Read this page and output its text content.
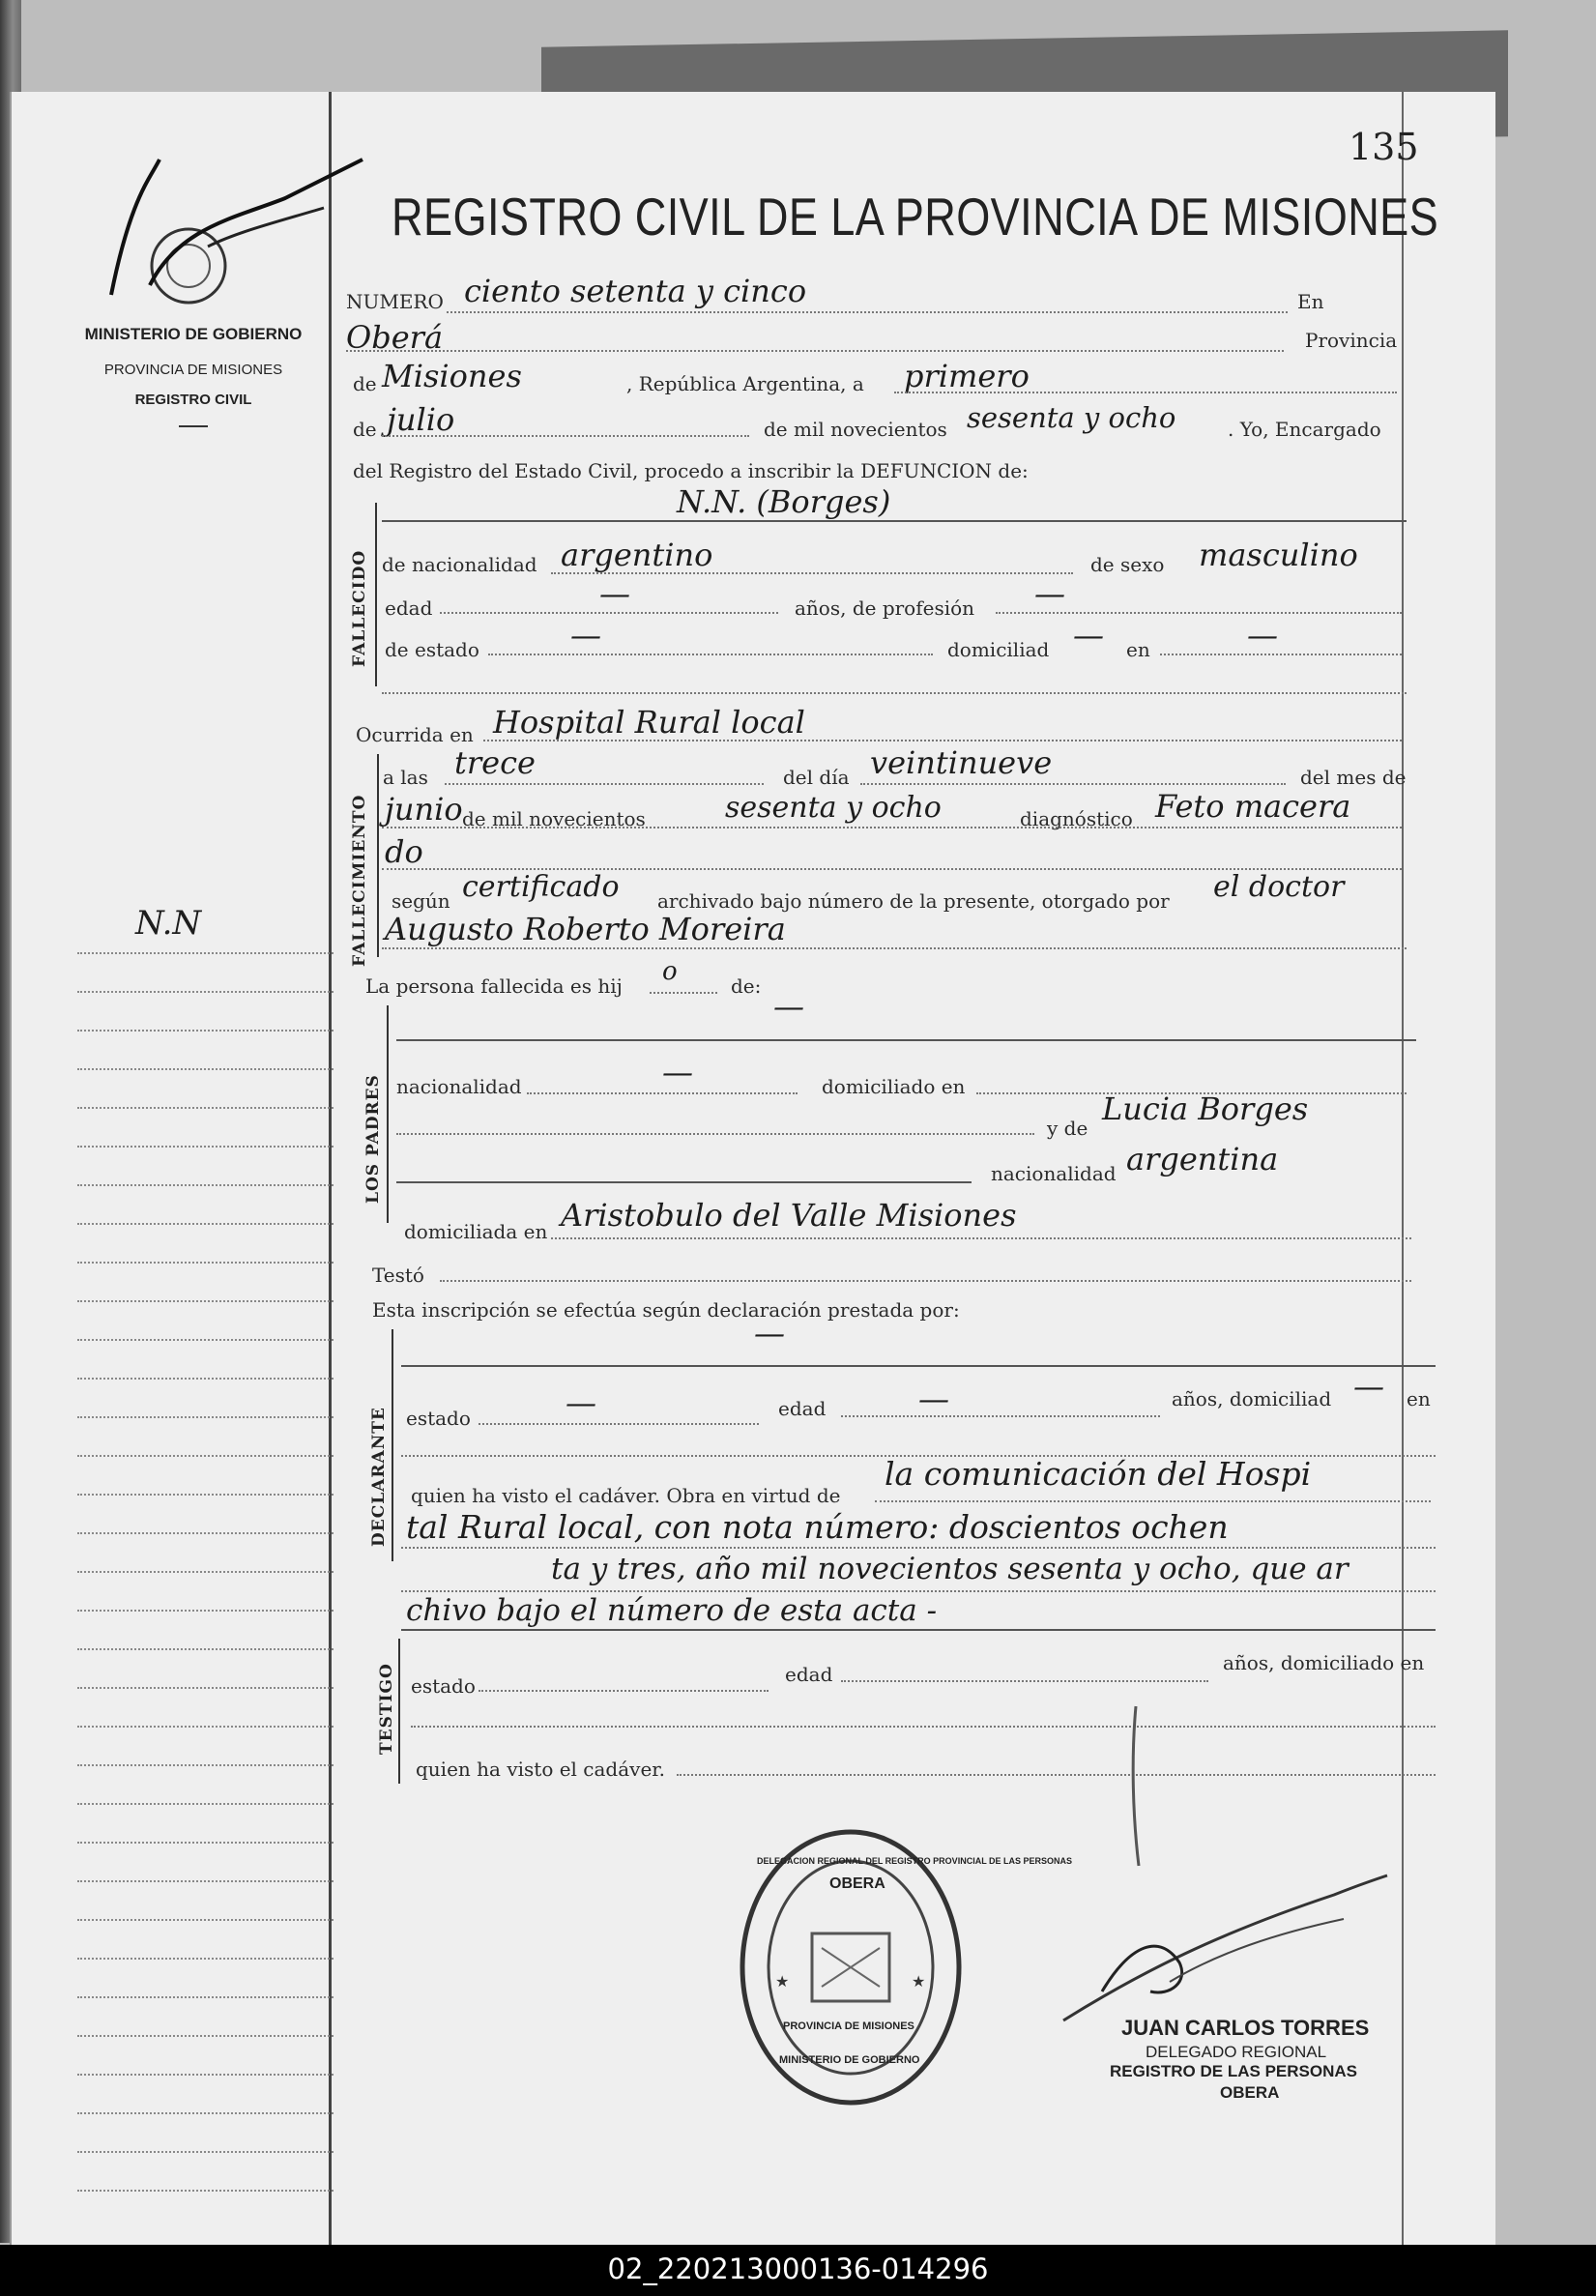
135
REGISTRO CIVIL DE LA PROVINCIA DE MISIONES
MINISTERIO DE GOBIERNO
PROVINCIA DE MISIONES
REGISTRO CIVIL
N.N
NUMERO ciento setenta y cinco	En
Oberá	Provincia
de Misiones	, República Argentina, a primero
de julio	de mil novecientos sesenta y ocho	. Yo, Encargado
del Registro del Estado Civil, procedo a inscribir la DEFUNCION de:
N.N. (Borges)
FALLECIDO de nacionalidad argentino	de sexo masculino
edad	—	años, de profesión —
de estado	—	domiciliad — en	—
Ocurrida en Hospital Rural local
FALLECIMIENTO
a las trece	del día veintinueve	del mes de
junio de mil novecientos	sesenta y ocho	diagnóstico Feto macera
do
según certificado archivado bajo número de la presente, otorgado por el doctor
Augusto Roberto Moreira
La persona fallecida es hij o	de:
LOS PADRES
—
nacionalidad	—	domiciliado en
y de
Lucia Borges
nacionalidad argentina
domiciliada en Aristobulo del Valle Misiones
Testó
Esta inscripción se efectúa según declaración prestada por:
DECLARANTE
—
estado	—	edad	—	años, domiciliad — en
quien ha visto el cadáver. Obra en virtud de
la comunicación del Hospi
tal Rural local, con nota número: doscientos ochen
ta y tres, año mil novecientos sesenta y ocho, que ar
chivo bajo el número de esta acta -
TESTIGO estado	edad	años, domiciliado en
quien ha visto el cadáver.
★	★
OBERA
DELEGACION REGIONAL DEL REGISTRO PROVINCIAL DE LAS PERSONAS
PROVINCIA DE MISIONES
MINISTERIO DE GOBIERNO
JUAN CARLOS TORRES
DELEGADO REGIONAL
REGISTRO DE LAS PERSONAS
OBERA
02_220213000136-014296
